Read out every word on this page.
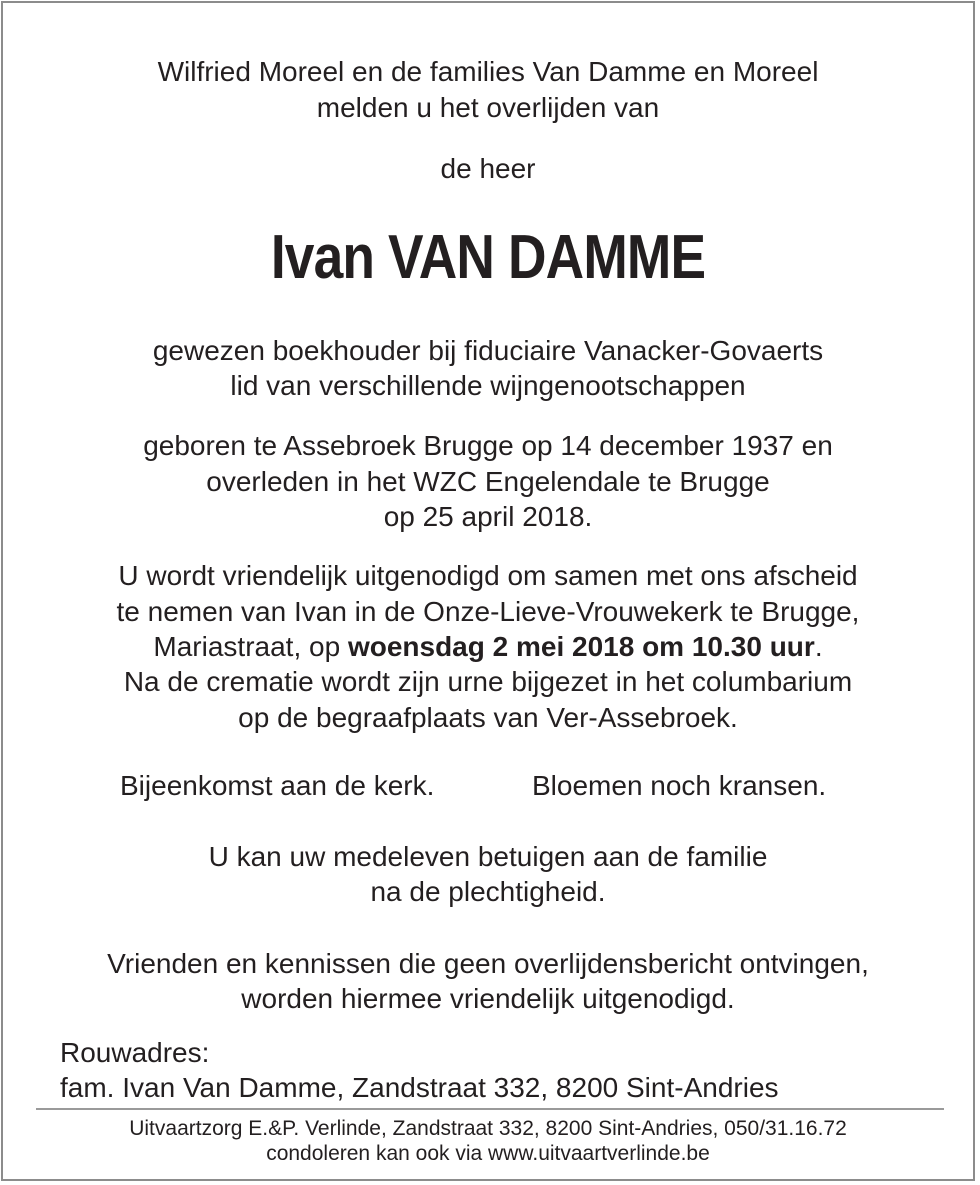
Wilfried Moreel en de families Van Damme en Moreel
melden u het overlijden van
de heer
Ivan VAN DAMME
gewezen boekhouder bij fiduciaire Vanacker-Govaerts
lid van verschillende wijngenootschappen
geboren te Assebroek Brugge op 14 december 1937 en
overleden in het WZC Engelendale te Brugge
op 25 april 2018.
U wordt vriendelijk uitgenodigd om samen met ons afscheid
te nemen van Ivan in de Onze-Lieve-Vrouwekerk te Brugge,
Mariastraat, op woensdag 2 mei 2018 om 10.30 uur.
Na de crematie wordt zijn urne bijgezet in het columbarium
op de begraafplaats van Ver-Assebroek.
Bijeenkomst aan de kerk.	Bloemen noch kransen.
U kan uw medeleven betuigen aan de familie
na de plechtigheid.
Vrienden en kennissen die geen overlijdensbericht ontvingen,
worden hiermee vriendelijk uitgenodigd.
Rouwadres:
fam. Ivan Van Damme, Zandstraat 332, 8200 Sint-Andries
Uitvaartzorg E.&P. Verlinde, Zandstraat 332, 8200 Sint-Andries, 050/31.16.72
condoleren kan ook via www.uitvaartverlinde.be
